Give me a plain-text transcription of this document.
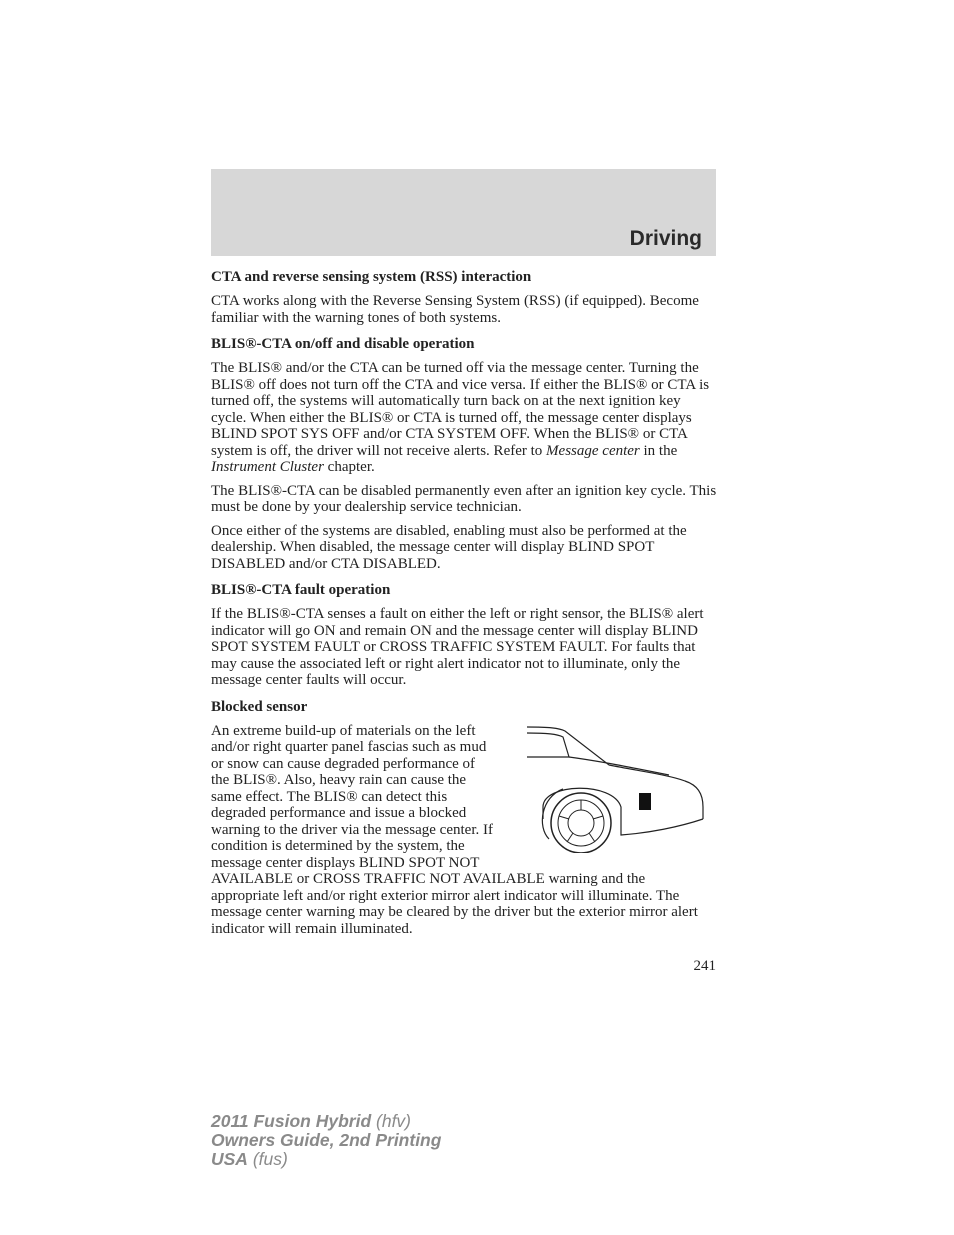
Driving
CTA and reverse sensing system (RSS) interaction

CTA works along with the Reverse Sensing System (RSS) (if equipped). Become familiar with the warning tones of both systems.

BLIS®-CTA on/off and disable operation

The BLIS® and/or the CTA can be turned off via the message center. Turning the BLIS® off does not turn off the CTA and vice versa. If either the BLIS® or CTA is turned off, the systems will automatically turn back on at the next ignition key cycle. When either the BLIS® or CTA is turned off, the message center displays BLIND SPOT SYS OFF and/or CTA SYSTEM OFF. When the BLIS® or CTA system is off, the driver will not receive alerts. Refer to Message center in the Instrument Cluster chapter.

The BLIS®-CTA can be disabled permanently even after an ignition key cycle. This must be done by your dealership service technician.

Once either of the systems are disabled, enabling must also be performed at the dealership. When disabled, the message center will display BLIND SPOT DISABLED and/or CTA DISABLED.

BLIS®-CTA fault operation

If the BLIS®-CTA senses a fault on either the left or right sensor, the BLIS® alert indicator will go ON and remain ON and the message center will display BLIND SPOT SYSTEM FAULT or CROSS TRAFFIC SYSTEM FAULT. For faults that may cause the associated left or right alert indicator not to illuminate, only the message center faults will occur.

Blocked sensor

An extreme build-up of materials on the left and/or right quarter panel fascias such as mud or snow can cause degraded performance of the BLIS®. Also, heavy rain can cause the same effect. The BLIS® can detect this degraded performance and issue a blocked warning to the driver via the message center. If condition is determined by the system, the message center displays BLIND SPOT NOT AVAILABLE or CROSS TRAFFIC NOT AVAILABLE warning and the appropriate left and/or right exterior mirror alert indicator will illuminate. The message center warning may be cleared by the driver but the exterior mirror alert indicator will remain illuminated.

241
2011 Fusion Hybrid (hfv)
Owners Guide, 2nd Printing
USA (fus)
